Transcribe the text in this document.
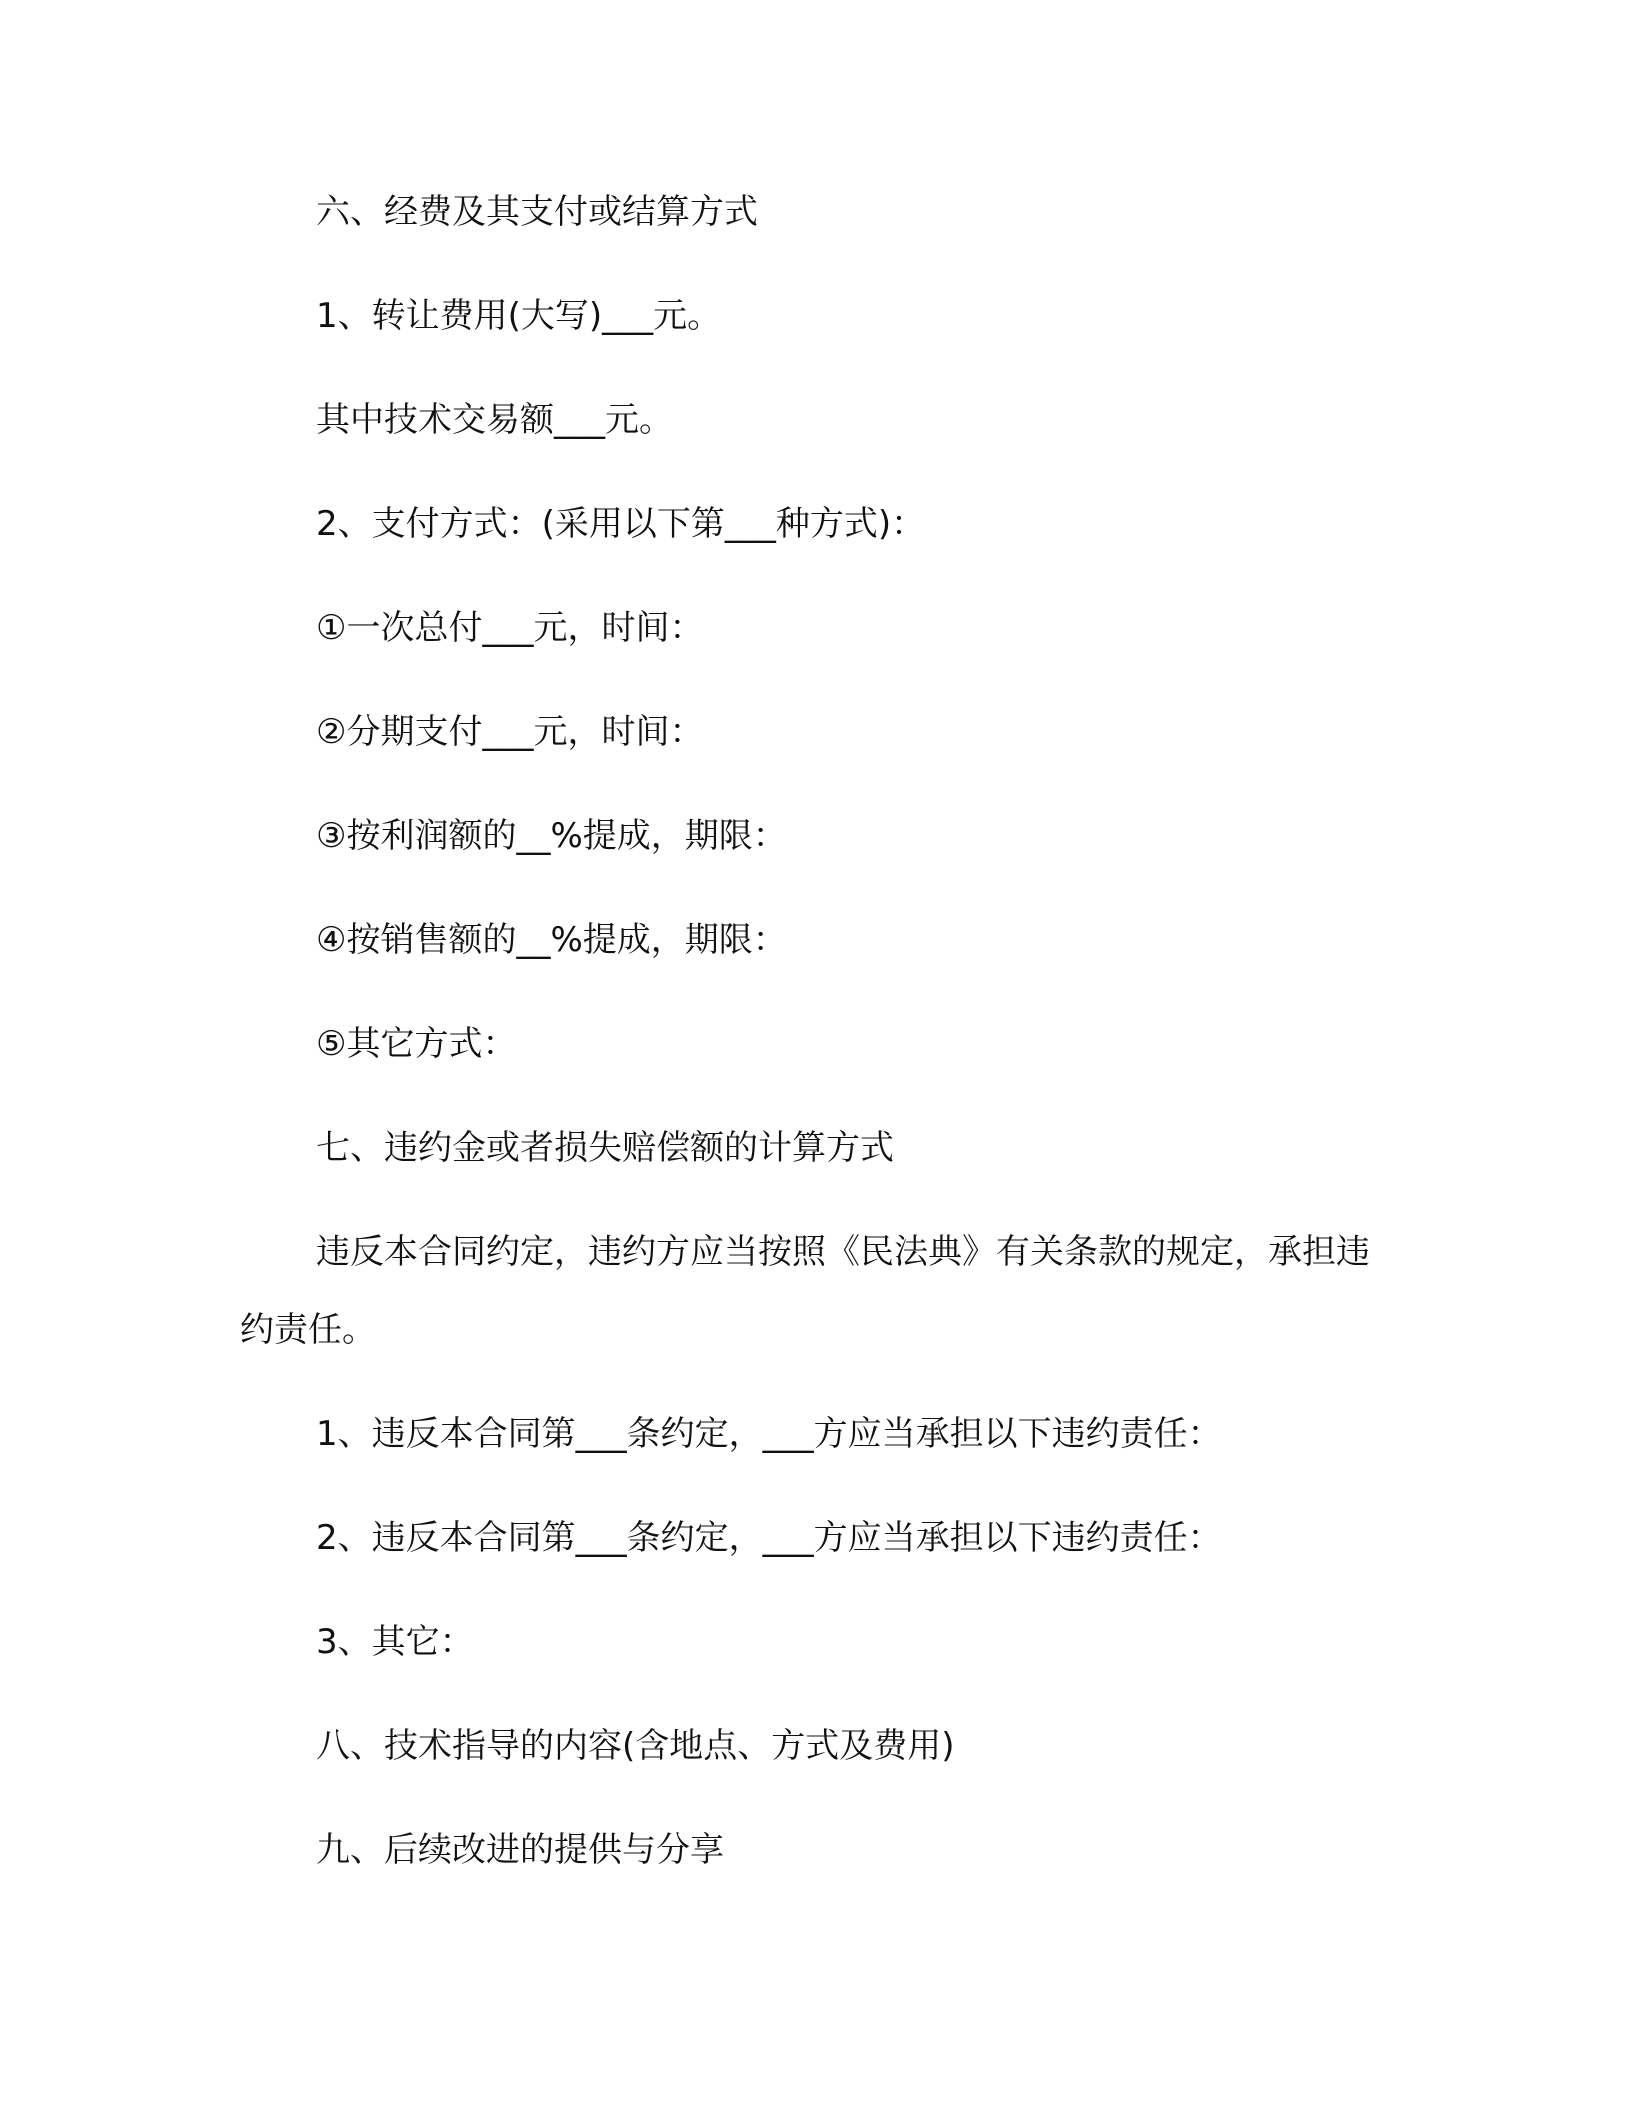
六、经费及其支付或结算方式

1、转让费用(大写)___元。

其中技术交易额___元。

2、支付方式：(采用以下第___种方式)：

①一次总付___元，时间：

②分期支付___元，时间：

③按利润额的__%提成，期限：

④按销售额的__%提成，期限：

⑤其它方式：

七、违约金或者损失赔偿额的计算方式

违反本合同约定，违约方应当按照《民法典》有关条款的规定，承担违约责任。

1、违反本合同第___条约定，___方应当承担以下违约责任：

2、违反本合同第___条约定，___方应当承担以下违约责任：

3、其它：

八、技术指导的内容(含地点、方式及费用)

九、后续改进的提供与分享
